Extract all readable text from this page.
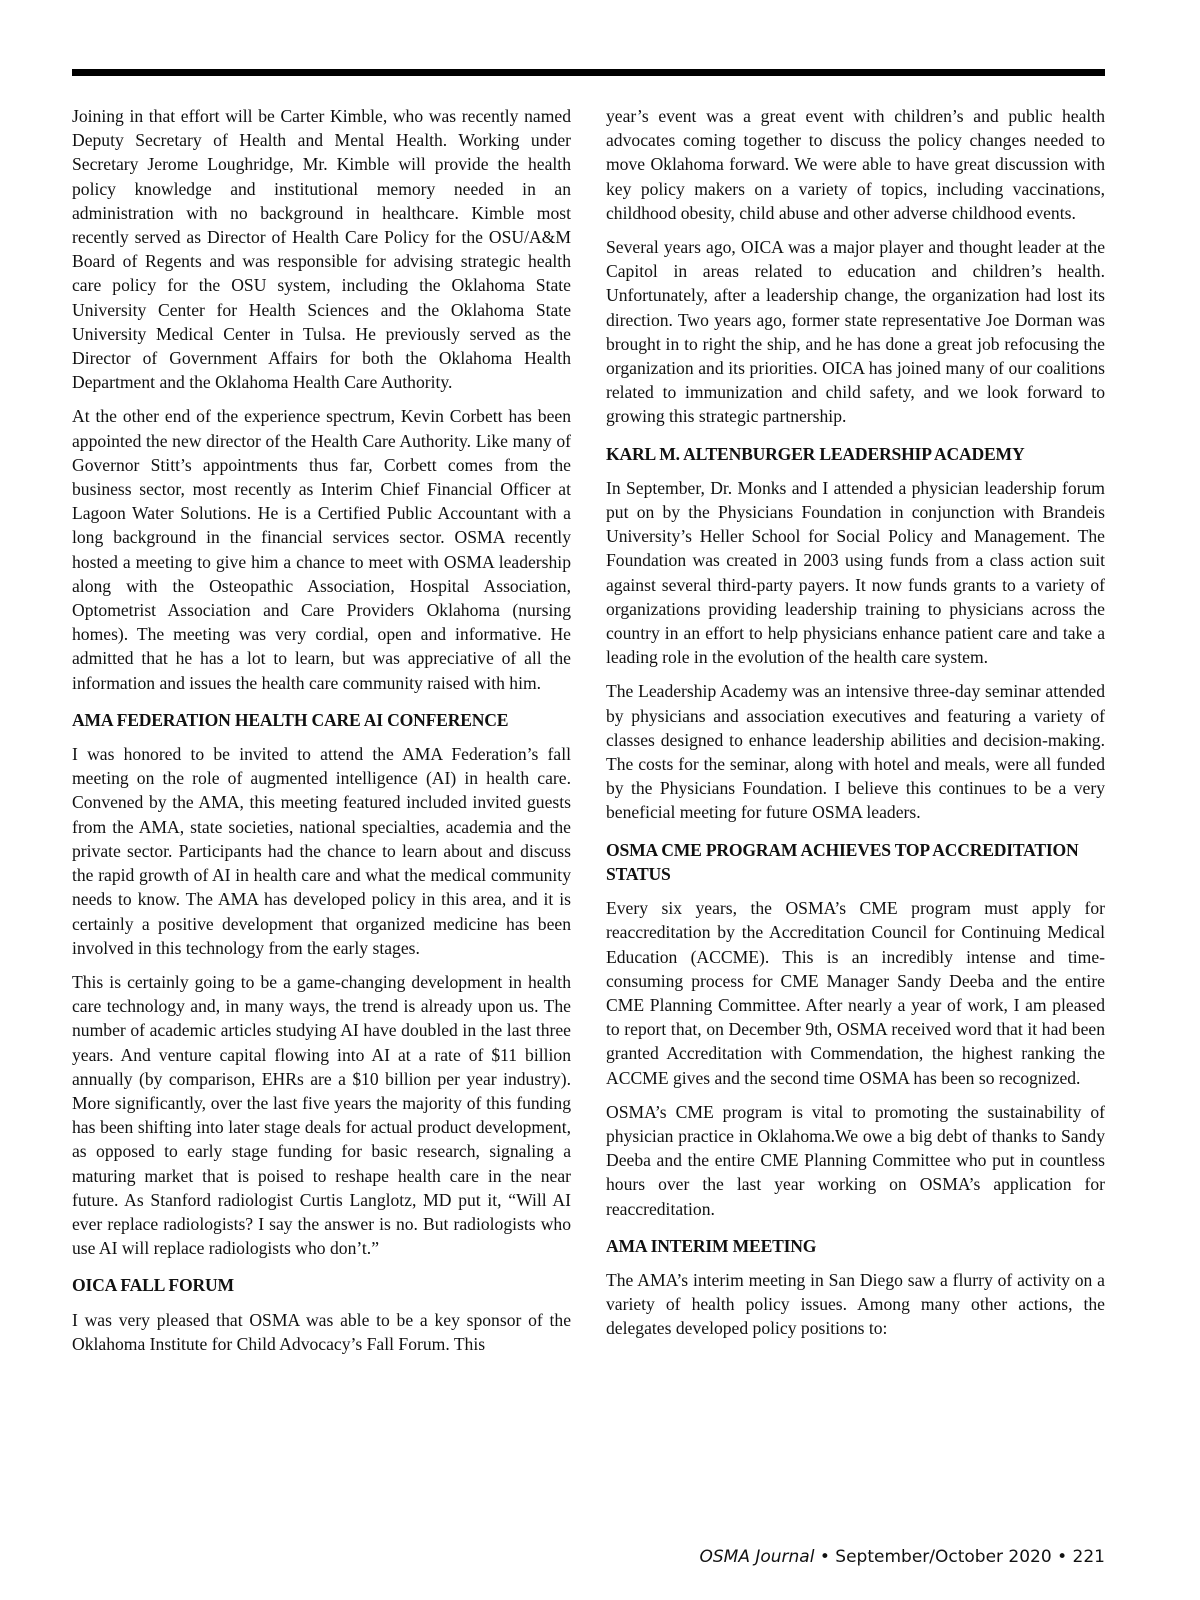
Joining in that effort will be Carter Kimble, who was recently named Deputy Secretary of Health and Mental Health. Working under Secretary Jerome Loughridge, Mr. Kimble will provide the health policy knowledge and institutional memory needed in an administration with no background in healthcare. Kimble most recently served as Director of Health Care Policy for the OSU/A&M Board of Regents and was responsible for advising strategic health care policy for the OSU system, including the Oklahoma State University Center for Health Sciences and the Oklahoma State University Medical Center in Tulsa. He previously served as the Director of Government Affairs for both the Oklahoma Health Department and the Oklahoma Health Care Authority.

At the other end of the experience spectrum, Kevin Corbett has been appointed the new director of the Health Care Authority. Like many of Governor Stitt’s appointments thus far, Corbett comes from the business sector, most recently as Interim Chief Financial Officer at Lagoon Water Solutions. He is a Certified Public Accountant with a long background in the financial services sector. OSMA recently hosted a meeting to give him a chance to meet with OSMA leadership along with the Osteopathic Association, Hospital Association, Optometrist Association and Care Providers Oklahoma (nursing homes). The meeting was very cordial, open and informative. He admitted that he has a lot to learn, but was appreciative of all the information and issues the health care community raised with him.

AMA FEDERATION HEALTH CARE AI CONFERENCE

I was honored to be invited to attend the AMA Federation’s fall meeting on the role of augmented intelligence (AI) in health care. Convened by the AMA, this meeting featured included invited guests from the AMA, state societies, national specialties, academia and the private sector. Participants had the chance to learn about and discuss the rapid growth of AI in health care and what the medical community needs to know. The AMA has developed policy in this area, and it is certainly a positive development that organized medicine has been involved in this technology from the early stages.

This is certainly going to be a game-changing development in health care technology and, in many ways, the trend is already upon us. The number of academic articles studying AI have doubled in the last three years. And venture capital flowing into AI at a rate of $11 billion annually (by comparison, EHRs are a $10 billion per year industry). More significantly, over the last five years the majority of this funding has been shifting into later stage deals for actual product development, as opposed to early stage funding for basic research, signaling a maturing market that is poised to reshape health care in the near future. As Stanford radiologist Curtis Langlotz, MD put it, “Will AI ever replace radiologists? I say the answer is no. But radiologists who use AI will replace radiologists who don’t.”

OICA FALL FORUM

I was very pleased that OSMA was able to be a key sponsor of the Oklahoma Institute for Child Advocacy’s Fall Forum. This

year’s event was a great event with children’s and public health advocates coming together to discuss the policy changes needed to move Oklahoma forward. We were able to have great discussion with key policy makers on a variety of topics, including vaccinations, childhood obesity, child abuse and other adverse childhood events.

Several years ago, OICA was a major player and thought leader at the Capitol in areas related to education and children’s health. Unfortunately, after a leadership change, the organization had lost its direction. Two years ago, former state representative Joe Dorman was brought in to right the ship, and he has done a great job refocusing the organization and its priorities. OICA has joined many of our coalitions related to immunization and child safety, and we look forward to growing this strategic partnership.

KARL M. ALTENBURGER LEADERSHIP ACADEMY

In September, Dr. Monks and I attended a physician leadership forum put on by the Physicians Foundation in conjunction with Brandeis University’s Heller School for Social Policy and Management. The Foundation was created in 2003 using funds from a class action suit against several third-party payers. It now funds grants to a variety of organizations providing leadership training to physicians across the country in an effort to help physicians enhance patient care and take a leading role in the evolution of the health care system.

The Leadership Academy was an intensive three-day seminar attended by physicians and association executives and featuring a variety of classes designed to enhance leadership abilities and decision-making. The costs for the seminar, along with hotel and meals, were all funded by the Physicians Foundation. I believe this continues to be a very beneficial meeting for future OSMA leaders.

OSMA CME PROGRAM ACHIEVES TOP ACCREDITATION STATUS

Every six years, the OSMA’s CME program must apply for reaccreditation by the Accreditation Council for Continuing Medical Education (ACCME). This is an incredibly intense and time-consuming process for CME Manager Sandy Deeba and the entire CME Planning Committee. After nearly a year of work, I am pleased to report that, on December 9th, OSMA received word that it had been granted Accreditation with Commendation, the highest ranking the ACCME gives and the second time OSMA has been so recognized.

OSMA’s CME program is vital to promoting the sustainability of physician practice in Oklahoma.We owe a big debt of thanks to Sandy Deeba and the entire CME Planning Committee who put in countless hours over the last year working on OSMA’s application for reaccreditation.

AMA INTERIM MEETING

The AMA’s interim meeting in San Diego saw a flurry of activity on a variety of health policy issues. Among many other actions, the delegates developed policy positions to:

OSMA Journal • September/October 2020 • 221
